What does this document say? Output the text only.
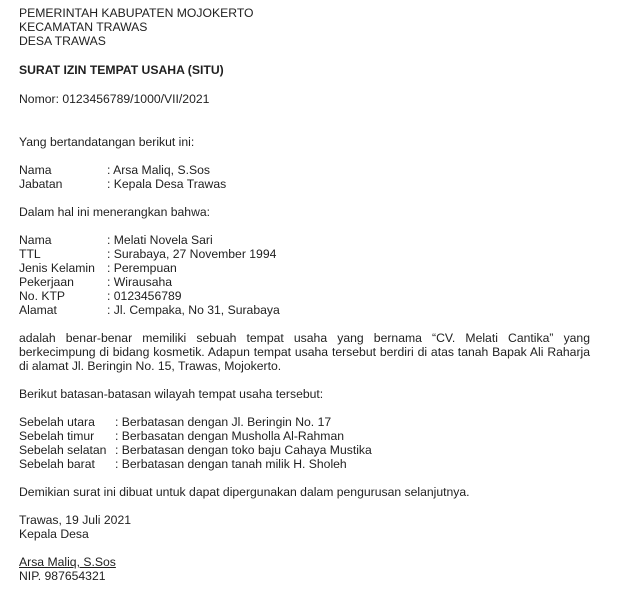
PEMERINTAH KABUPATEN MOJOKERTO
KECAMATAN TRAWAS
DESA TRAWAS
SURAT IZIN TEMPAT USAHA (SITU)
Nomor: 0123456789/1000/VII/2021
Yang bertandatangan berikut ini:
Nama	: Arsa Maliq, S.Sos
Jabatan	: Kepala Desa Trawas
Dalam hal ini menerangkan bahwa:
Nama	: Melati Novela Sari
TTL	: Surabaya, 27 November 1994
Jenis Kelamin : Perempuan
Pekerjaan	: Wirausaha
No. KTP	: 0123456789
Alamat	: Jl. Cempaka, No 31, Surabaya
adalah benar-benar memiliki sebuah tempat usaha yang bernama “CV. Melati Cantika” yang berkecimpung di bidang kosmetik. Adapun tempat usaha tersebut berdiri di atas tanah Bapak Ali Raharja di alamat Jl. Beringin No. 15, Trawas, Mojokerto.
Berikut batasan-batasan wilayah tempat usaha tersebut:
Sebelah utara	: Berbatasan dengan Jl. Beringin No. 17
Sebelah timur	: Berbasatan dengan Musholla Al-Rahman
Sebelah selatan : Berbatasan dengan toko baju Cahaya Mustika
Sebelah barat	: Berbatasan dengan tanah milik H. Sholeh
Demikian surat ini dibuat untuk dapat dipergunakan dalam pengurusan selanjutnya.
Trawas, 19 Juli 2021
Kepala Desa
Arsa Maliq, S.Sos
NIP. 987654321
